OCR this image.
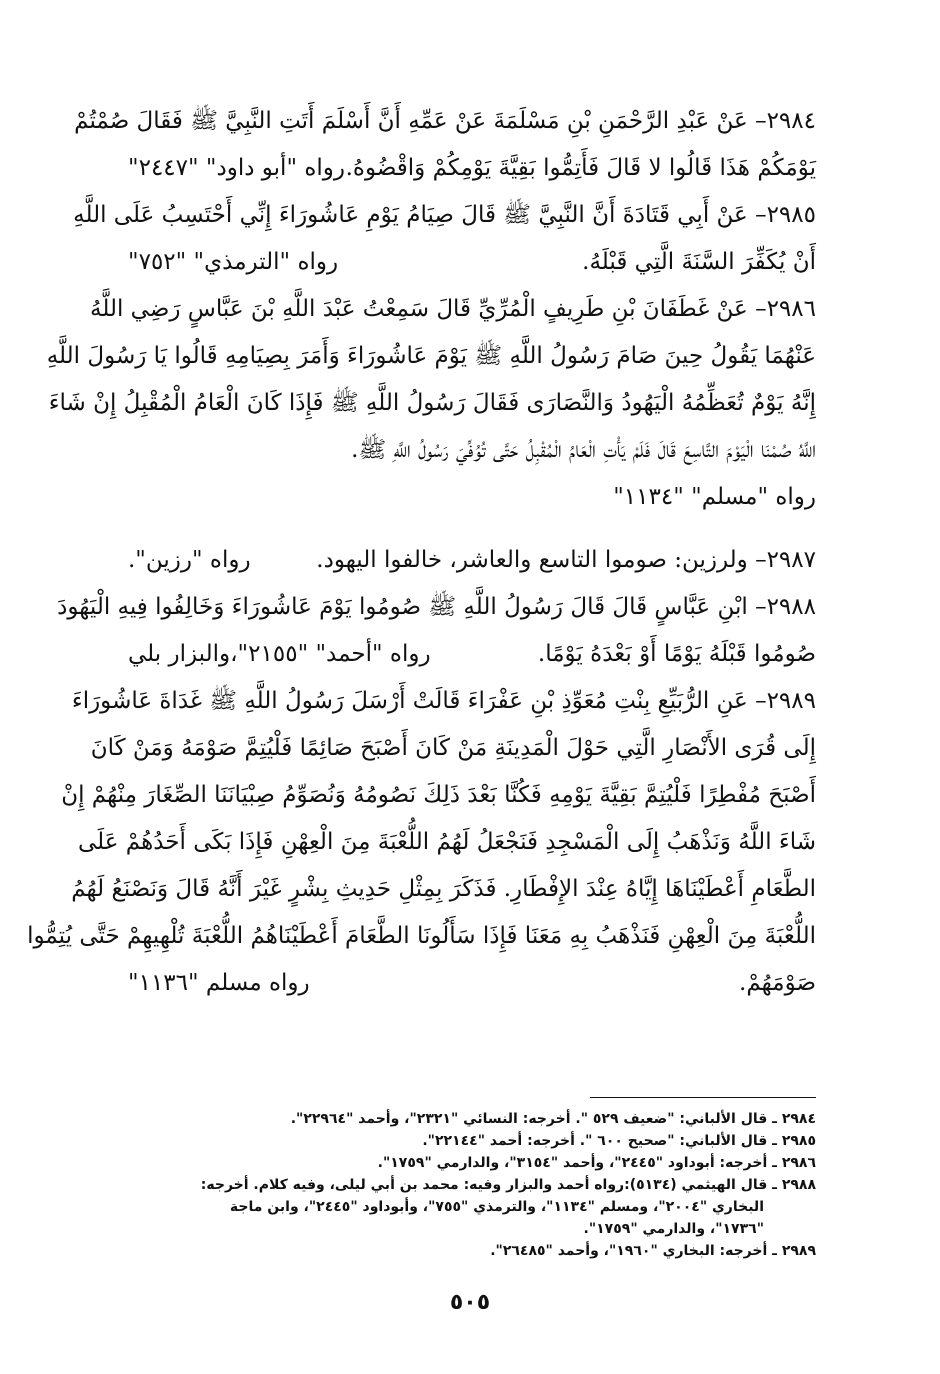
٢٩٨٤– عَنْ عَبْدِ الرَّحْمَنِ بْنِ مَسْلَمَةَ عَنْ عَمِّهِ أَنَّ أَسْلَمَ أَتَتِ النَّبِيَّ ﷺ فَقَالَ صُمْتُمْ
يَوْمَكُمْ هَذَا قَالُوا لا قَالَ فَأَتِمُّوا بَقِيَّةَ يَوْمِكُمْ وَاقْضُوهُ.
رواه "أبو داود" "٢٤٤٧"
٢٩٨٥– عَنْ أَبِي قَتَادَةَ أَنَّ النَّبِيَّ ﷺ قَالَ صِيَامُ يَوْمِ عَاشُورَاءَ إِنِّي أَحْتَسِبُ عَلَى اللَّهِ
أَنْ يُكَفِّرَ السَّنَةَ الَّتِي قَبْلَهُ.
رواه "الترمذي" "٧٥٢"
٢٩٨٦– عَنْ غَطَفَانَ بْنِ طَرِيفٍ الْمُرِّيِّ قَالَ سَمِعْتُ عَبْدَ اللَّهِ بْنَ عَبَّاسٍ رَضِي اللَّهُ
عَنْهُمَا يَقُولُ حِينَ صَامَ رَسُولُ اللَّهِ ﷺ يَوْمَ عَاشُورَاءَ وَأَمَرَ بِصِيَامِهِ قَالُوا يَا رَسُولَ اللَّهِ
إِنَّهُ يَوْمٌ تُعَظِّمُهُ الْيَهُودُ وَالنَّصَارَى فَقَالَ رَسُولُ اللَّهِ ﷺ فَإِذَا كَانَ الْعَامُ الْمُقْبِلُ إِنْ شَاءَ
اللَّهُ صُمْنَا الْيَوْمَ التَّاسِعَ قَالَ فَلَمْ يَأْتِ الْعَامُ الْمُقْبِلُ حَتَّى تُوُفِّيَ رَسُولُ اللَّهِ ﷺ.
رواه "مسلم" "١١٣٤"
٢٩٨٧– ولرزين: صوموا التاسع والعاشر، خالفوا اليهود.
رواه "رزين".
٢٩٨٨– ابْنِ عَبَّاسٍ قَالَ قَالَ رَسُولُ اللَّهِ ﷺ صُومُوا يَوْمَ عَاشُورَاءَ وَخَالِفُوا فِيهِ الْيَهُودَ
صُومُوا قَبْلَهُ يَوْمًا أَوْ بَعْدَهُ يَوْمًا.
رواه "أحمد" "٢١٥٥"،والبزار بلي
٢٩٨٩– عَنِ الرُّبَيِّعِ بِنْتِ مُعَوِّذِ بْنِ عَفْرَاءَ قَالَتْ أَرْسَلَ رَسُولُ اللَّهِ ﷺ غَدَاةَ عَاشُورَاءَ
إِلَى قُرَى الأَنْصَارِ الَّتِي حَوْلَ الْمَدِينَةِ مَنْ كَانَ أَصْبَحَ صَائِمًا فَلْيُتِمَّ صَوْمَهُ وَمَنْ كَانَ
أَصْبَحَ مُفْطِرًا فَلْيُتِمَّ بَقِيَّةَ يَوْمِهِ فَكُنَّا بَعْدَ ذَلِكَ نَصُومُهُ وَنُصَوِّمُ صِبْيَانَنَا الصِّغَارَ مِنْهُمْ إِنْ
شَاءَ اللَّهُ وَنَذْهَبُ إِلَى الْمَسْجِدِ فَنَجْعَلُ لَهُمُ اللُّعْبَةَ مِنَ الْعِهْنِ فَإِذَا بَكَى أَحَدُهُمْ عَلَى
الطَّعَامِ أَعْطَيْنَاهَا إِيَّاهُ عِنْدَ الإِفْطَارِ. فَذَكَرَ بِمِثْلِ حَدِيثِ بِشْرٍ غَيْرَ أَنَّهُ قَالَ وَنَصْنَعُ لَهُمُ
اللُّعْبَةَ مِنَ الْعِهْنِ فَنَذْهَبُ بِهِ مَعَنَا فَإِذَا سَأَلُونَا الطَّعَامَ أَعْطَيْنَاهُمُ اللُّعْبَةَ تُلْهِيهِمْ حَتَّى يُتِمُّوا
صَوْمَهُمْ.
رواه مسلم "١١٣٦"
٢٩٨٤ ـ قال الألباني: "ضعيف ٥٢٩ ". أخرجه: النسائي "٢٣٢١"، وأحمد "٢٢٩٦٤".
٢٩٨٥ ـ قال الألباني: "صحيح ٦٠٠ ". أخرجه: أحمد "٢٢١٤٤".
٢٩٨٦ ـ أخرجه: أبوداود "٢٤٤٥"، وأحمد "٣١٥٤"، والدارمي "١٧٥٩".
٢٩٨٨ ـ قال الهيثمي (٥١٣٤):رواه أحمد والبزار وفيه: محمد بن أبي ليلى، وفيه كلام. أخرجه:
البخاري "٢٠٠٤"، ومسلم "١١٣٤"، والترمذي "٧٥٥"، وأبوداود "٢٤٤٥"، وابن ماجة
"١٧٣٦"، والدارمي "١٧٥٩".
٢٩٨٩ ـ أخرجه: البخاري "١٩٦٠"، وأحمد "٢٦٤٨٥".
٥٠٥
